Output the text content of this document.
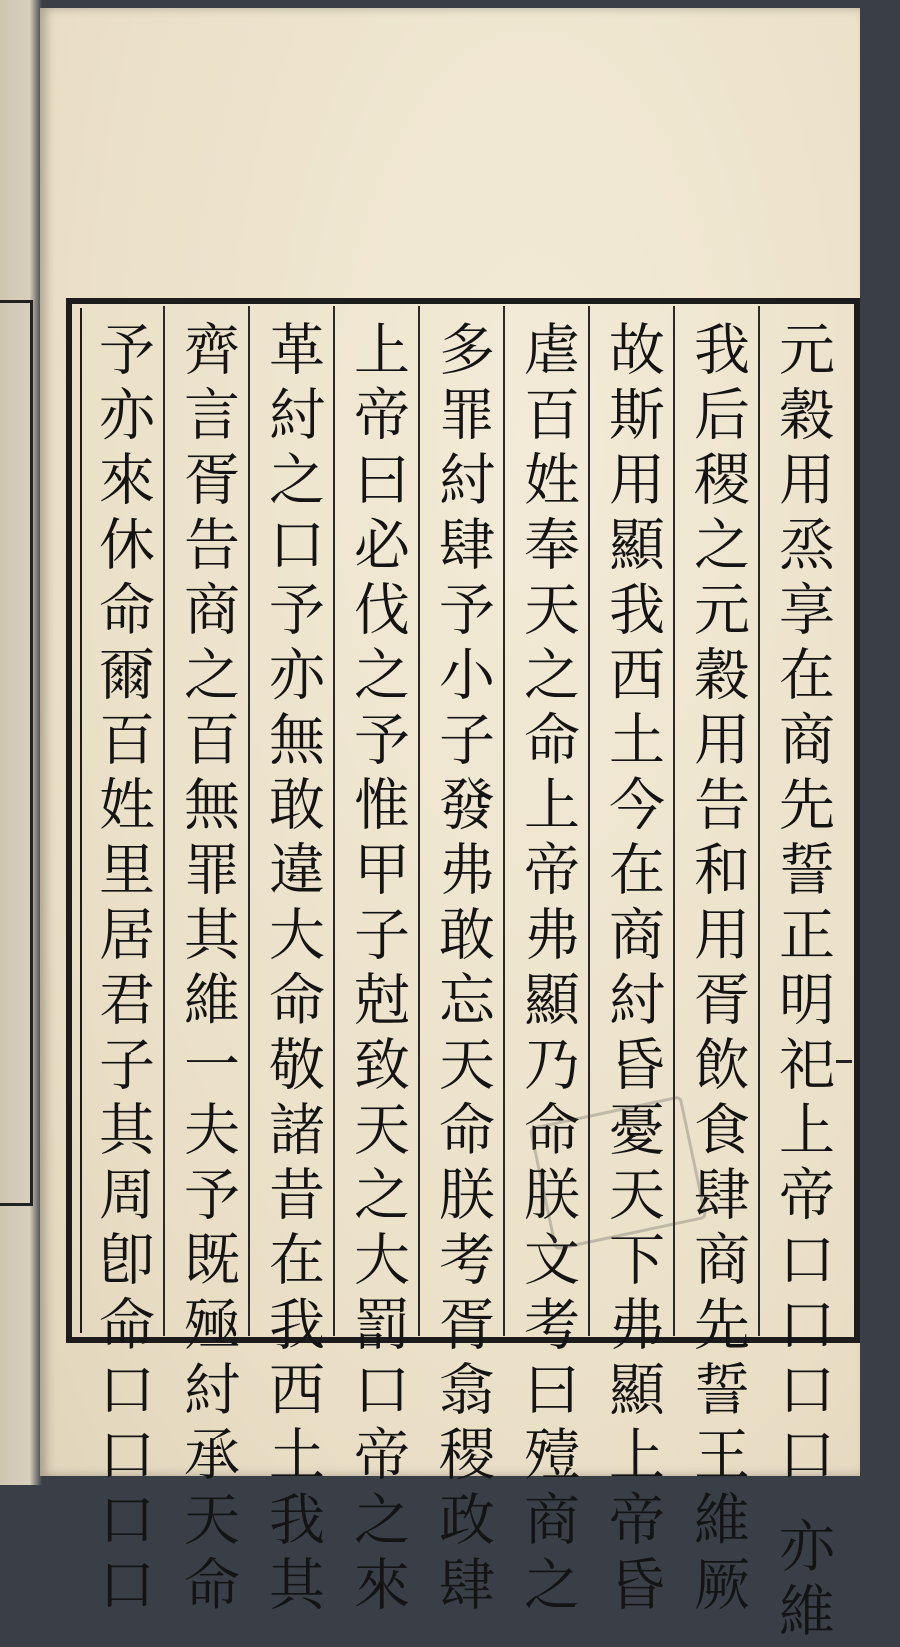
元穀用烝享在商先誓正明祀上帝口口口口 亦維
我后稷之元穀用告和用胥飲食肆商先誓王維厥
故斯用顯我西土今在商紂昏憂天下弗顯上帝昏
虐百姓奉天之命上帝弗顯乃命朕文考曰殪商之
多罪紂肆予小子發弗敢忘天命朕考胥翕稷政肆
上帝曰必伐之予惟甲子尅致天之大罰口帝之來
革紂之口予亦無敢違大命敬諸昔在我西土我其
齊言胥告商之百無罪其維一夫予既殛紂承天命
予亦來休命爾百姓里居君子其周卽命口口口口
